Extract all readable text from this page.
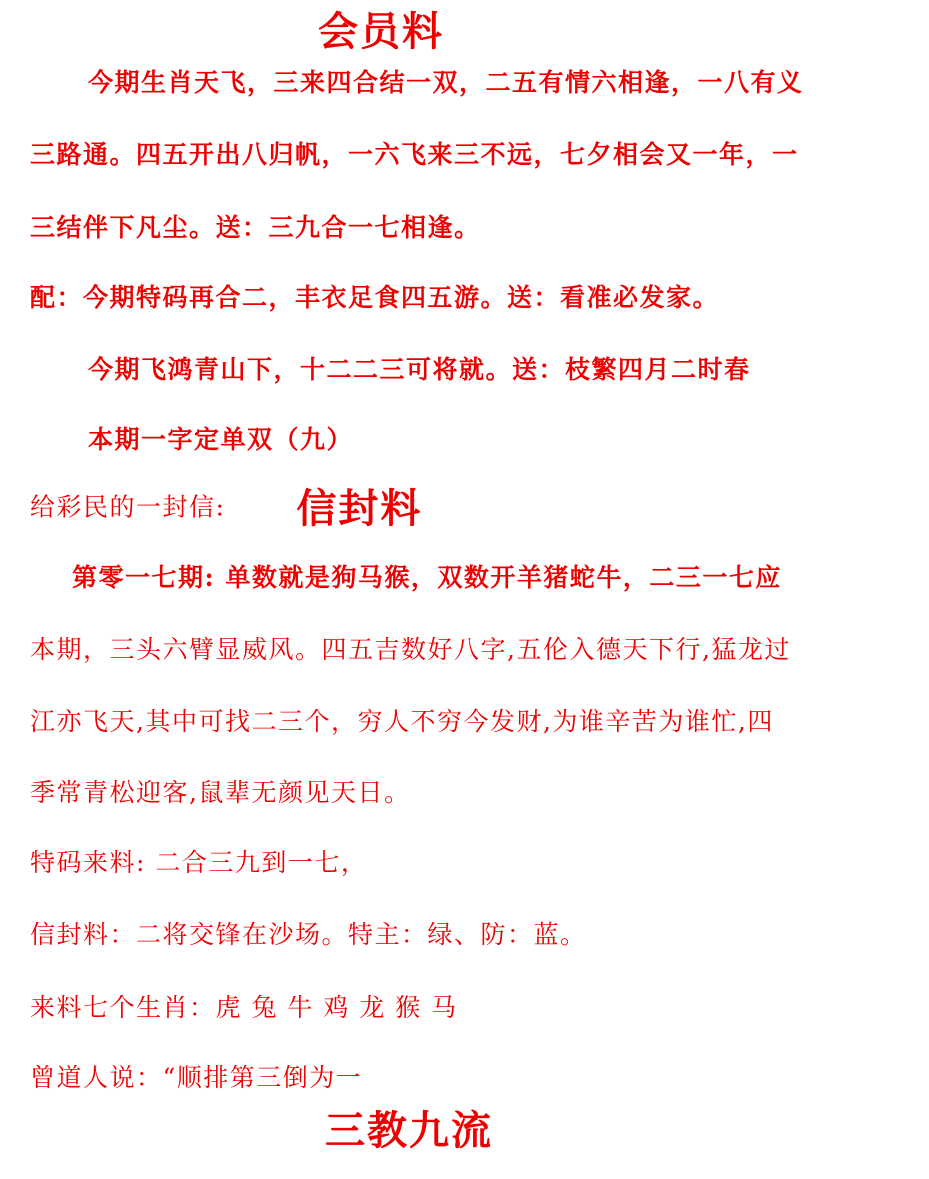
会员料
今期生肖天飞，三来四合结一双，二五有情六相逢，一八有义
三路通。四五开出八归帆，一六飞来三不远，七夕相会又一年，一
三结伴下凡尘。送：三九合一七相逢。
配：今期特码再合二，丰衣足食四五游。送：看准必发家。
今期飞鸿青山下，十二二三可将就。送：枝繁四月二时春
本期一字定单双（九）
给彩民的一封信: 信封料
第零一七期: 单数就是狗马猴，双数开羊猪蛇牛，二三一七应
本期，三头六臂显威风。四五吉数好八字,五伦入德天下行,猛龙过
江亦飞天,其中可找二三个，穷人不穷今发财,为谁辛苦为谁忙,四
季常青松迎客,鼠辈无颜见天日。
特码来料: 二合三九到一七，
信封料：二将交锋在沙场。特主：绿、防：蓝。
来料七个生肖：虎 兔 牛 鸡 龙 猴 马
曾道人说：“顺排第三倒为一
三教九流
